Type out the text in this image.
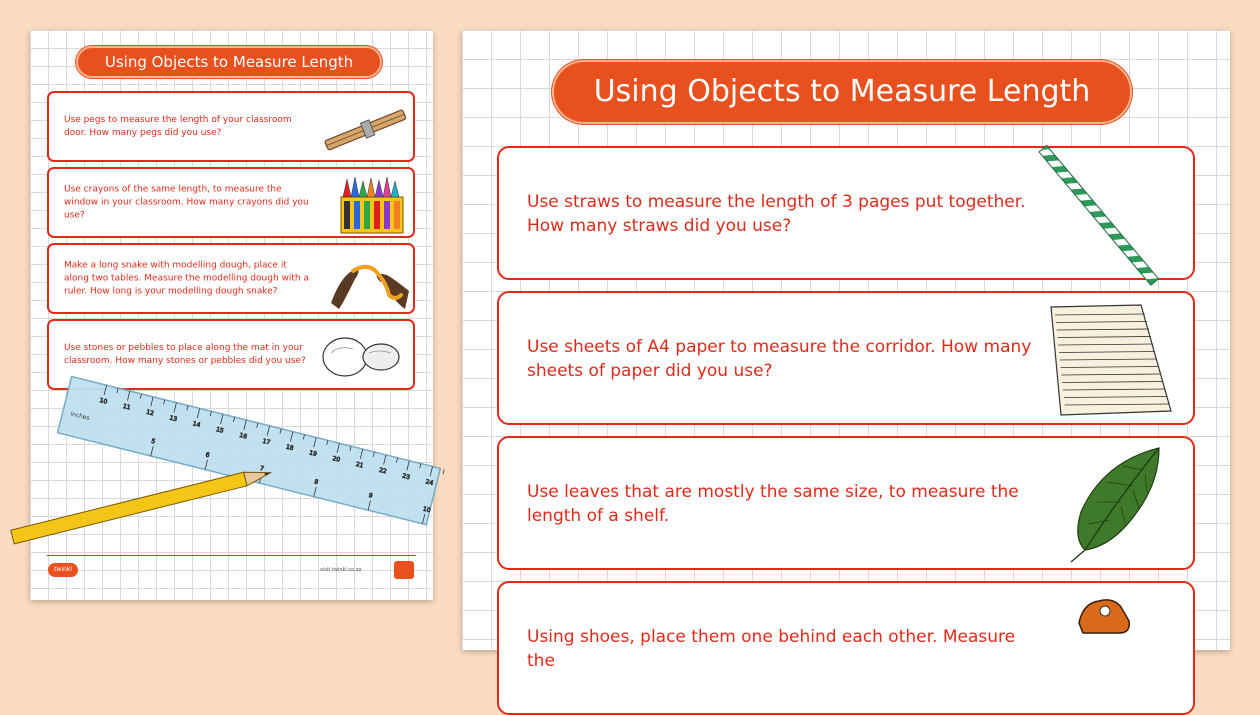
Using Objects to Measure Length
Use pegs to measure the length of your classroom door. How many pegs did you use?
Use crayons of the same length, to measure the window in your classroom. How many crayons did you use?
Make a long snake with modelling dough, place it along two tables. Measure the modelling dough with a ruler. How long is your modelling dough snake?
Use stones or pebbles to place along the mat in your classroom. How many stones or pebbles did you use?
10
11
12
13
14
15
16
17
18
19
20
21
22
23
24
5
6
7
8
9
10
inches
twinkl	visit twinkl.co.za
Using Objects to Measure Length
Use straws to measure the length of 3 pages put together. How many straws did you use?
Use sheets of A4 paper to measure the corridor. How many sheets of paper did you use?
Use leaves that are mostly the same size, to measure the length of a shelf.
Using shoes, place them one behind each other. Measure the
